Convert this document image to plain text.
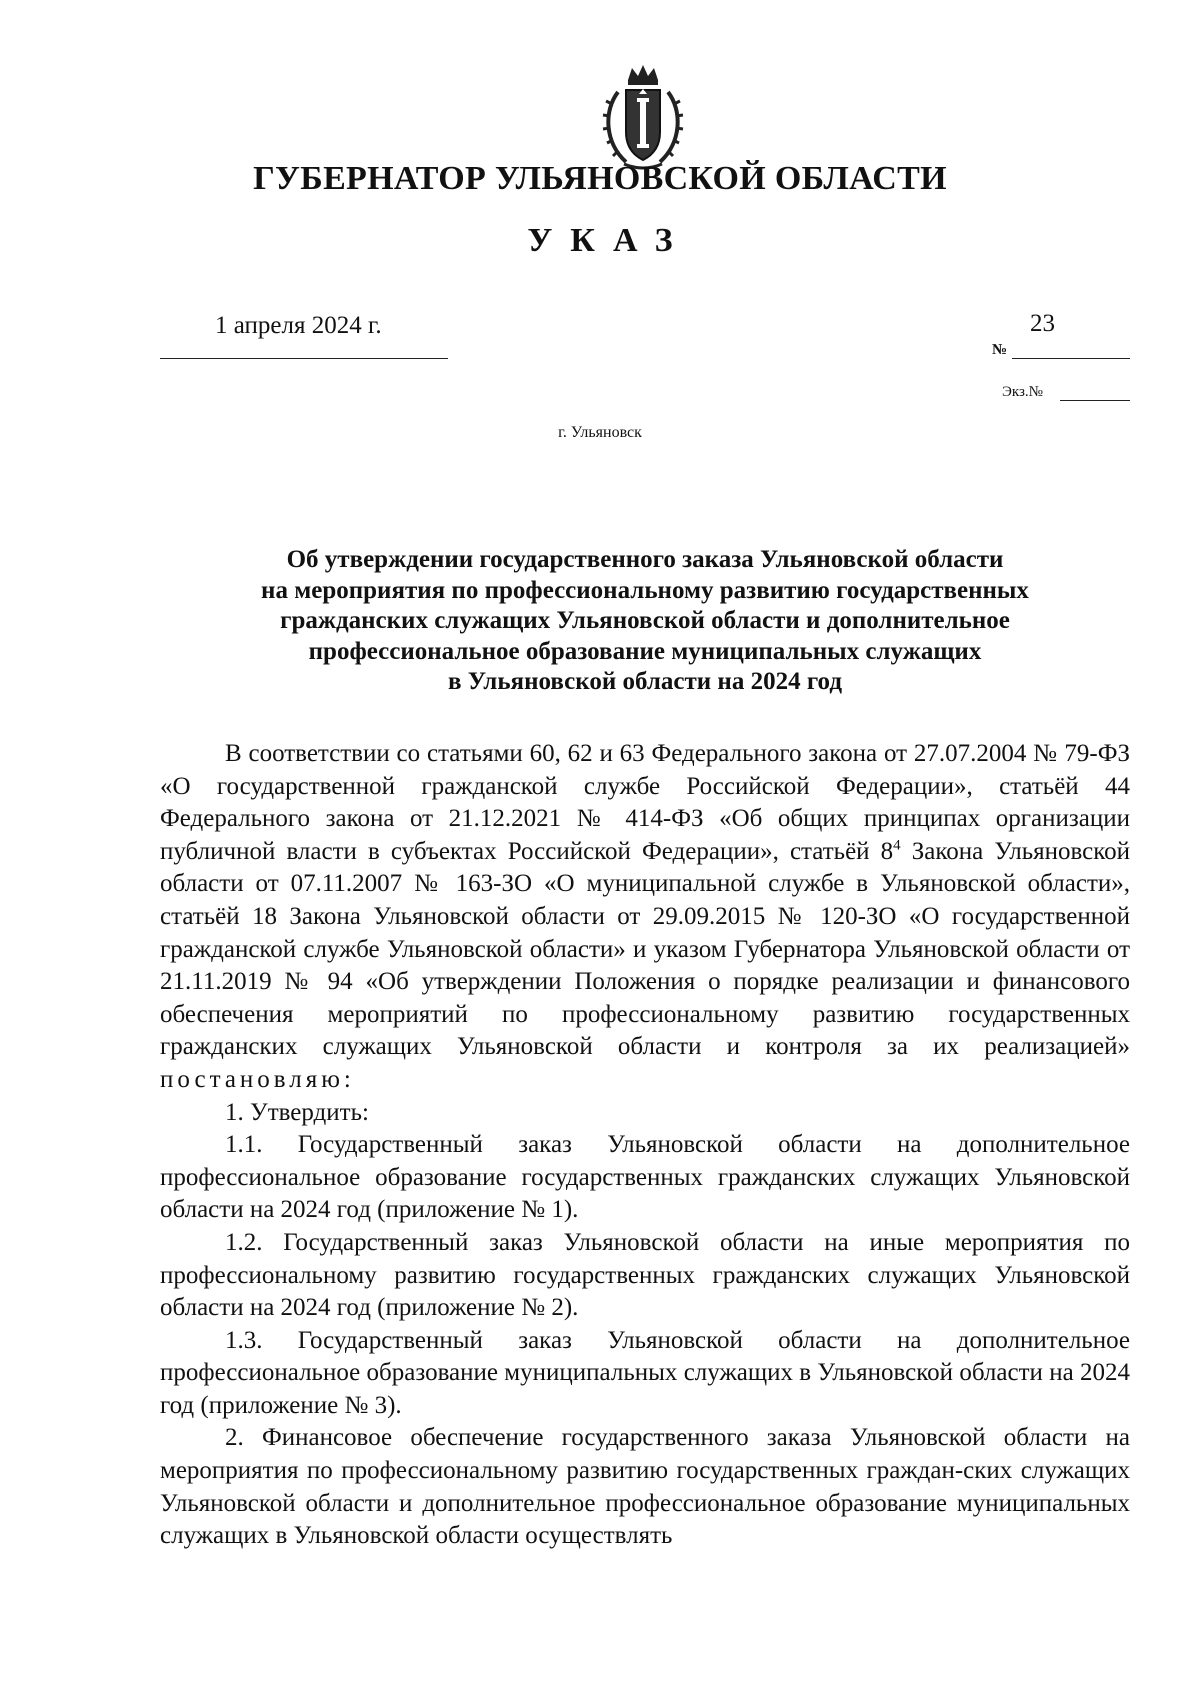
ГУБЕРНАТОР УЛЬЯНОВСКОЙ ОБЛАСТИ
УКАЗ
1 апреля 2024 г.
№
23
Экз.№
г. Ульяновск
Об утверждении государственного заказа Ульяновской области
на мероприятия по профессиональному развитию государственных
гражданских служащих Ульяновской области и дополнительное
профессиональное образование муниципальных служащих
в Ульяновской области на 2024 год

В соответствии со статьями 60, 62 и 63 Федерального закона от 27.07.2004 № 79-ФЗ «О государственной гражданской службе Российской Федерации», статьёй 44 Федерального закона от 21.12.2021 № 414-ФЗ «Об общих принципах организации публичной власти в субъектах Российской Федерации», статьёй $8^4$ Закона Ульяновской области от 07.11.2007 № 163-ЗО «О муниципальной службе в Ульяновской области», статьёй 18 Закона Ульяновской области от 29.09.2015 № 120-ЗО «О государственной гражданской службе Ульяновской области» и указом Губернатора Ульяновской области от 21.11.2019 № 94 «Об утверждении Положения о порядке реализации и финансового обеспечения мероприятий по профессиональному развитию государственных гражданских служащих Ульяновской области и контроля за их реализацией» постановляю:

1. Утвердить:

1.1. Государственный заказ Ульяновской области на дополнительное профессиональное образование государственных гражданских служащих Ульяновской области на 2024 год (приложение № 1).

1.2. Государственный заказ Ульяновской области на иные мероприятия по профессиональному развитию государственных гражданских служащих Ульяновской области на 2024 год (приложение № 2).

1.3. Государственный заказ Ульяновской области на дополнительное профессиональное образование муниципальных служащих в Ульяновской области на 2024 год (приложение № 3).

2. Финансовое обеспечение государственного заказа Ульяновской области на мероприятия по профессиональному развитию государственных граждан-ских служащих Ульяновской области и дополнительное профессиональное образование муниципальных служащих в Ульяновской области осуществлять
